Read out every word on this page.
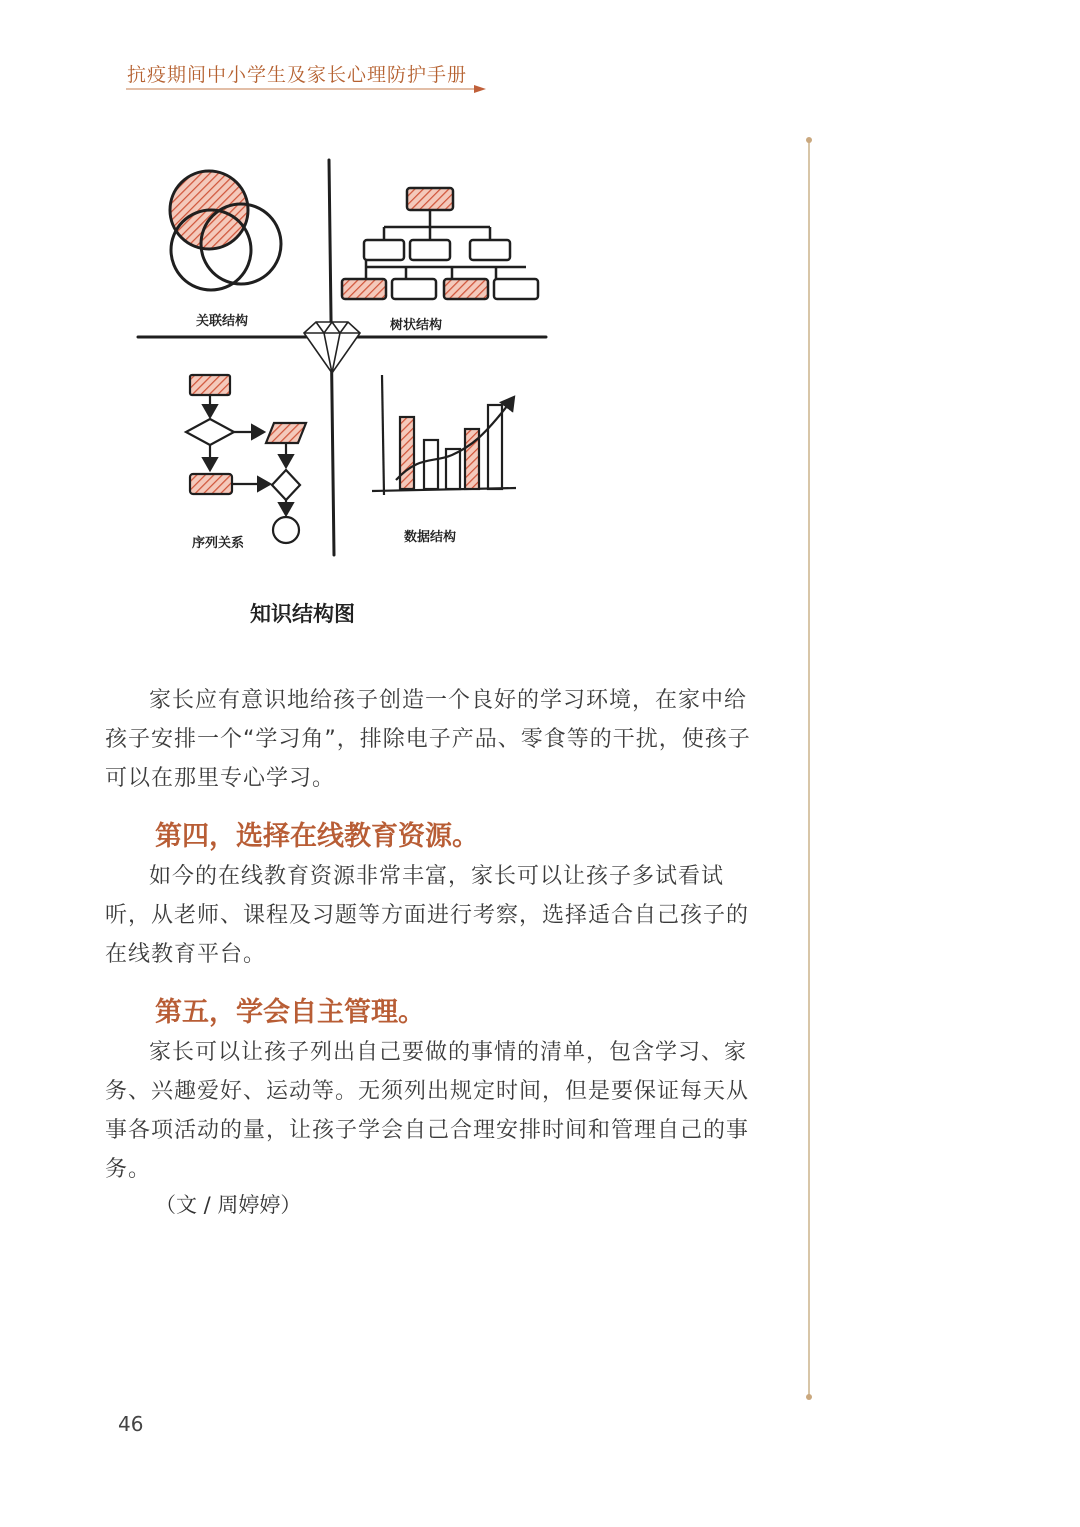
抗疫期间中小学生及家长心理防护手册
关联结构	树状结构
序列关系	数据结构
知识结构图

家长应有意识地给孩子创造一个良好的学习环境，在家中给孩子安排一个“学习角”，排除电子产品、零食等的干扰，使孩子可以在那里专心学习。

第四，选择在线教育资源。

如今的在线教育资源非常丰富，家长可以让孩子多试看试听，从老师、课程及习题等方面进行考察，选择适合自己孩子的在线教育平台。

第五，学会自主管理。

家长可以让孩子列出自己要做的事情的清单，包含学习、家务、兴趣爱好、运动等。无须列出规定时间，但是要保证每天从事各项活动的量，让孩子学会自己合理安排时间和管理自己的事务。

（文 / 周婷婷）
46
